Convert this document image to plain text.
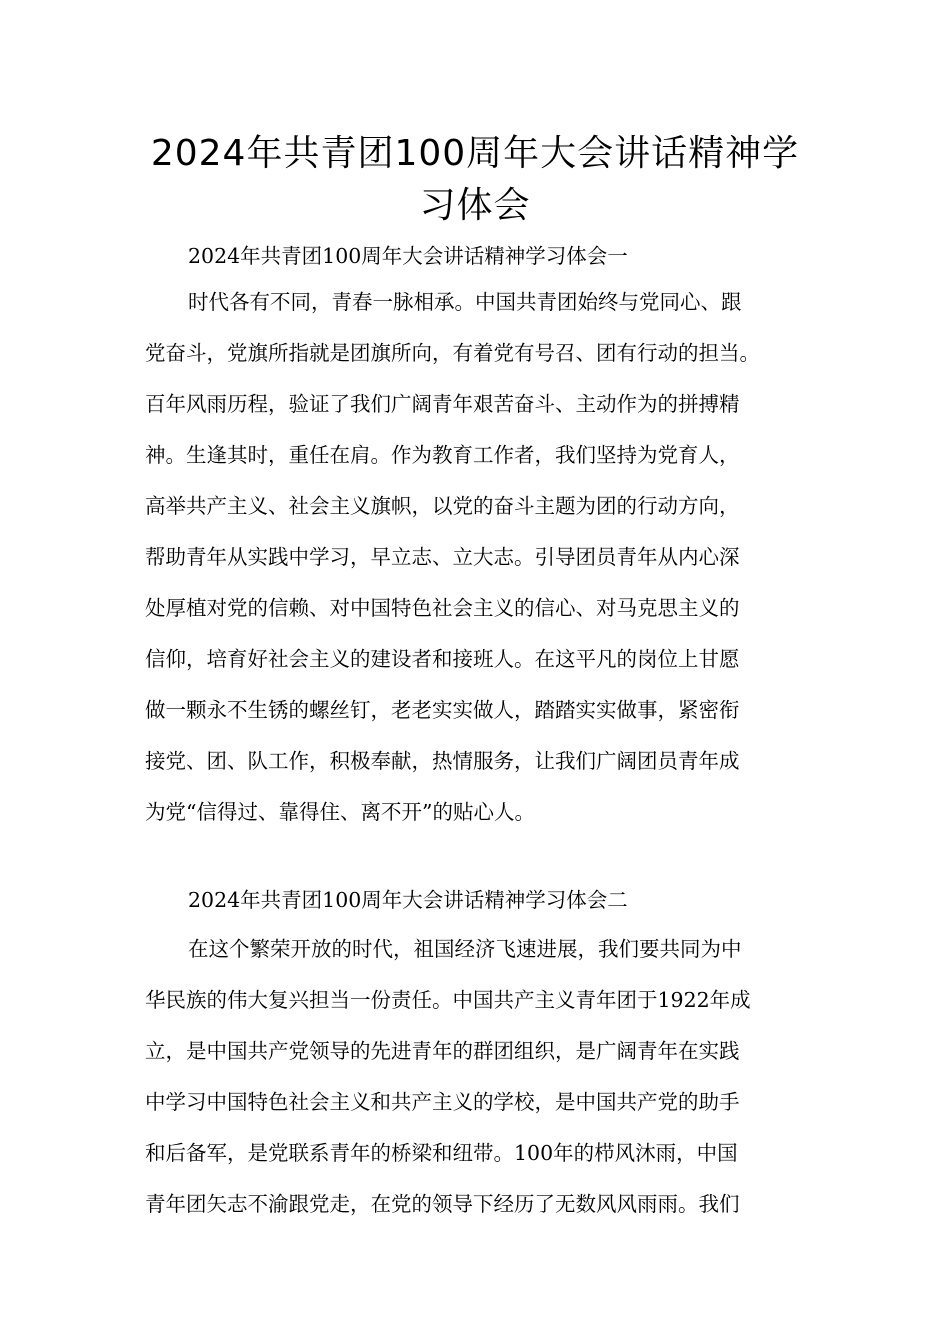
2024年共青团100周年大会讲话精神学
习体会
2024年共青团100周年大会讲话精神学习体会一
时代各有不同，青春一脉相承。中国共青团始终与党同心、跟
党奋斗，党旗所指就是团旗所向，有着党有号召、团有行动的担当。
百年风雨历程，验证了我们广阔青年艰苦奋斗、主动作为的拼搏精
神。生逢其时，重任在肩。作为教育工作者，我们坚持为党育人，
高举共产主义、社会主义旗帜，以党的奋斗主题为团的行动方向，
帮助青年从实践中学习，早立志、立大志。引导团员青年从内心深
处厚植对党的信赖、对中国特色社会主义的信心、对马克思主义的
信仰，培育好社会主义的建设者和接班人。在这平凡的岗位上甘愿
做一颗永不生锈的螺丝钉，老老实实做人，踏踏实实做事，紧密衔
接党、团、队工作，积极奉献，热情服务，让我们广阔团员青年成
为党“信得过、靠得住、离不开”的贴心人。
2024年共青团100周年大会讲话精神学习体会二
在这个繁荣开放的时代，祖国经济飞速进展，我们要共同为中
华民族的伟大复兴担当一份责任。中国共产主义青年团于1922年成
立，是中国共产党领导的先进青年的群团组织，是广阔青年在实践
中学习中国特色社会主义和共产主义的学校，是中国共产党的助手
和后备军，是党联系青年的桥梁和纽带。100年的栉风沐雨，中国
青年团矢志不渝跟党走，在党的领导下经历了无数风风雨雨。我们
